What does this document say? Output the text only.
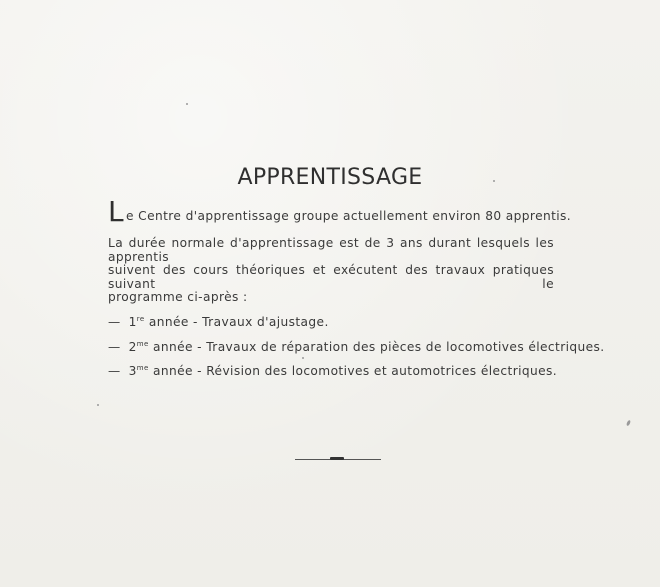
APPRENTISSAGE
Le Centre d'apprentissage groupe actuellement environ 80 apprentis.
La durée normale d'apprentissage est de 3 ans durant lesquels les apprentis
suivent des cours théoriques et exécutent des travaux pratiques suivant le
programme ci-après :
— 1re année - Travaux d'ajustage.
— $2^{me}$ année - Travaux de réparation des pièces de locomotives électriques.
— $3^{me}$ année - Révision des locomotives et automotrices électriques.
